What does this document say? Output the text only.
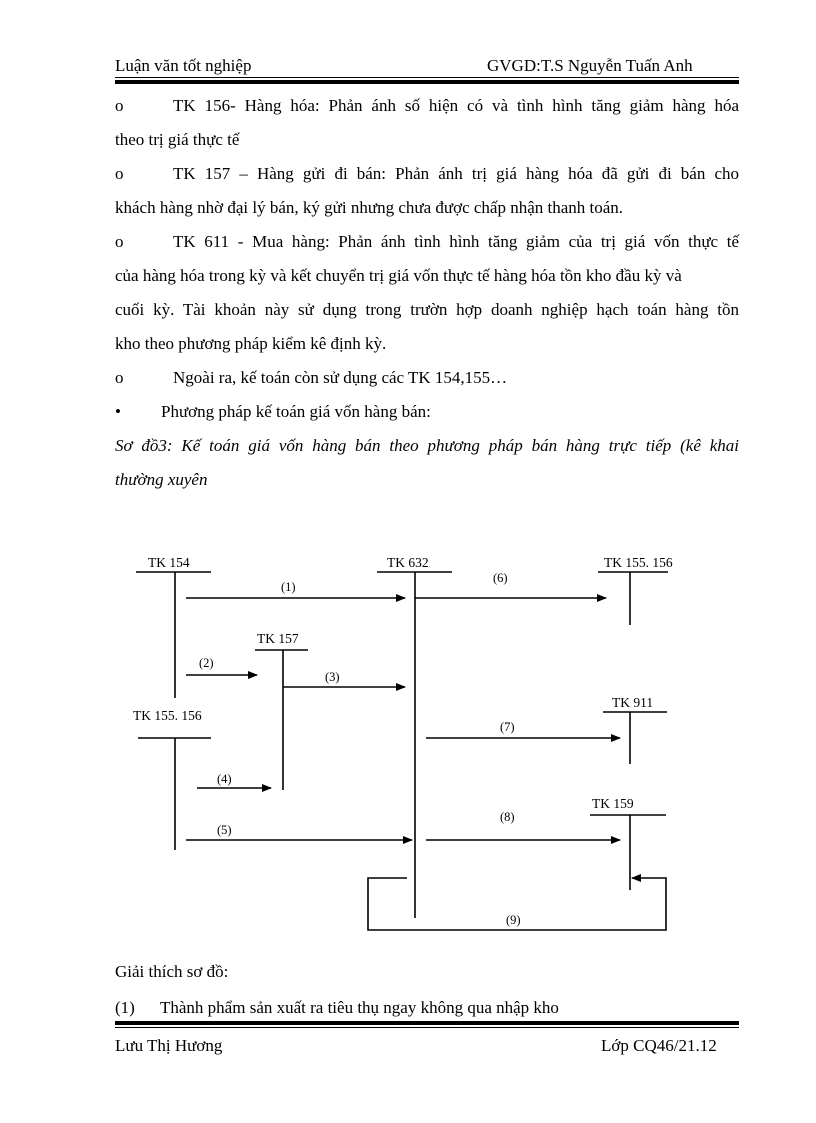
Luận văn tốt nghiệp	GVGD:T.S Nguyễn Tuấn Anh
o	TK 156- Hàng hóa: Phản ánh số hiện có và tình hình tăng giảm hàng hóa
theo trị giá thực tế
o	TK 157 – Hàng gửi đi bán: Phản ánh trị giá hàng hóa đã gửi đi bán cho
khách hàng nhờ đại lý bán, ký gửi nhưng chưa được chấp nhận thanh toán.
o	TK 611 - Mua hàng: Phản ánh tình hình tăng giảm của trị giá vốn thực tế
của hàng hóa trong kỳ và kết chuyển trị giá vốn thực tế hàng hóa tồn kho đầu kỳ và
cuối kỳ. Tài khoản này sử dụng trong trườn hợp doanh nghiệp hạch toán hàng tồn
kho theo phương pháp kiểm kê định kỳ.
o	Ngoài ra, kế toán còn sử dụng các TK 154,155…
• Phương pháp kế toán giá vốn hàng bán:
Sơ đồ3: Kế toán giá vốn hàng bán theo phương pháp bán hàng trực tiếp (kê khai
thường xuyên
TK 154	TK 632	TK 155. 156
TK 157
TK 155. 156
TK 911
TK 159
(1)
(2)
(3)
(4)
(5)
(6)
(7)
(8)
(9)
Giải thích sơ đồ:
(1) Thành phẩm sản xuất ra tiêu thụ ngay không qua nhập kho
Lưu Thị Hương	Lớp CQ46/21.12
